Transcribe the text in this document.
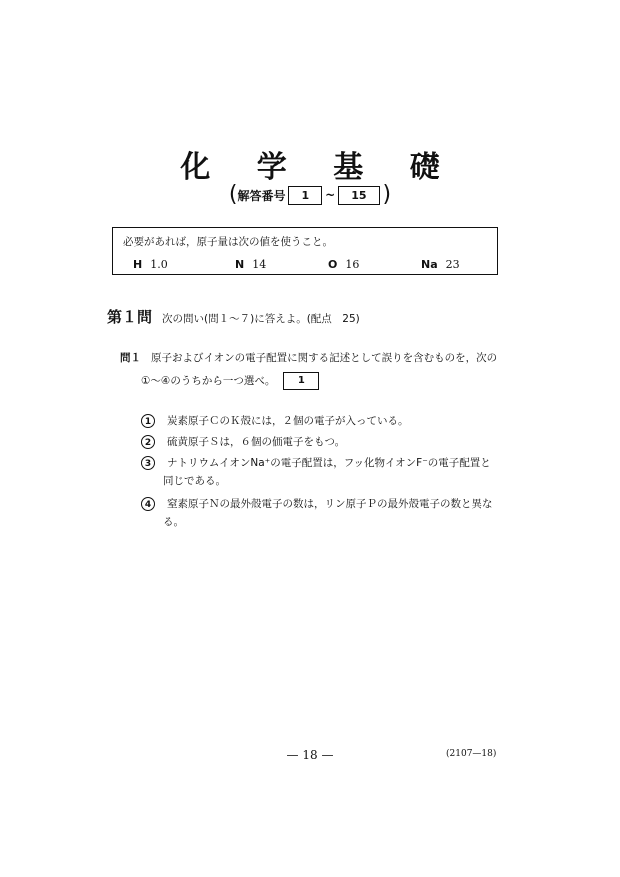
化 学 基 礎
( 解答番号	1	~	15 )
必要があれば，原子量は次の値を使うこと。
H 1.0	N 14	O 16	Na 23
第１問 次の問い(問１～７)に答えよ。(配点　25)
問１ 原子およびイオンの電子配置に関する記述として誤りを含むものを，次の
①～④のうちから一つ選べ。 1
1	炭素原子ＣのＫ殻には，２個の電子が入っている。
2	硫黄原子Ｓは，６個の価電子をもつ。
3	ナトリウムイオンNa⁺の電子配置は，フッ化物イオンF⁻の電子配置と
同じである。
4	窒素原子Ｎの最外殻電子の数は，リン原子Ｐの最外殻電子の数と異な
る。
— 18 —	(2107—18)
